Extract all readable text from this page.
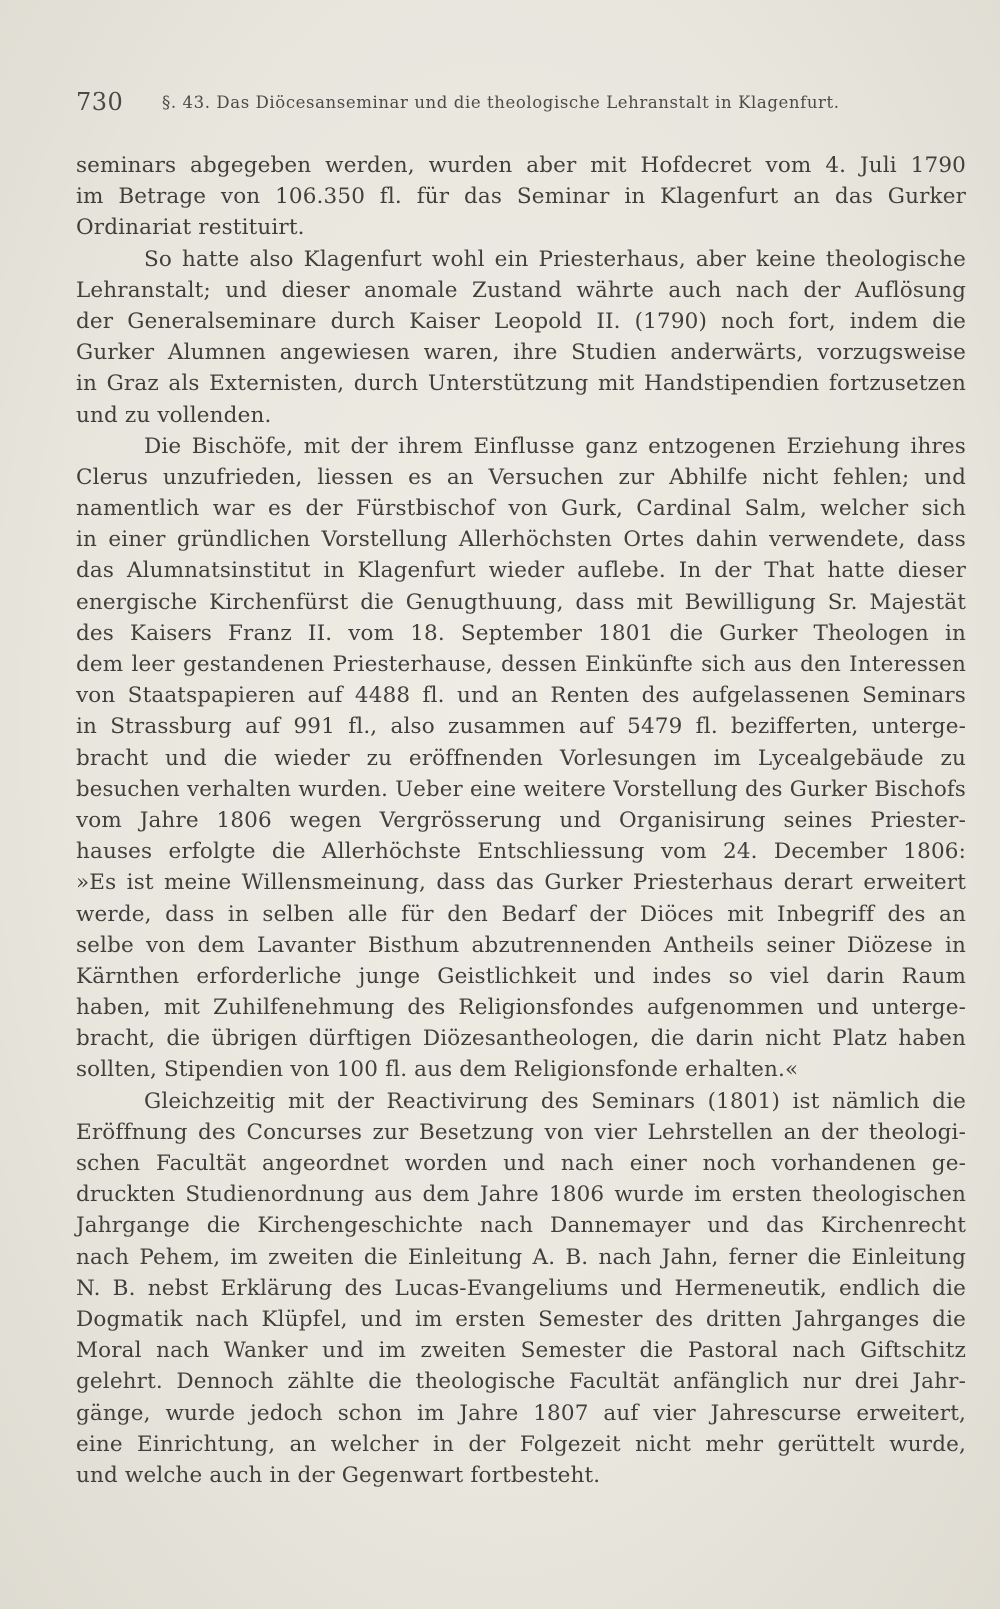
730 §. 43. Das Diöcesanseminar und die theologische Lehranstalt in Klagenfurt.
seminars abgegeben werden, wurden aber mit Hofdecret vom 4. Juli 1790
im Betrage von 106.350 fl. für das Seminar in Klagenfurt an das Gurker
Ordinariat restituirt.
So hatte also Klagenfurt wohl ein Priesterhaus, aber keine theologische
Lehranstalt; und dieser anomale Zustand währte auch nach der Auflösung
der Generalseminare durch Kaiser Leopold II. (1790) noch fort, indem die
Gurker Alumnen angewiesen waren, ihre Studien anderwärts, vorzugsweise
in Graz als Externisten, durch Unterstützung mit Handstipendien fortzusetzen
und zu vollenden.
Die Bischöfe, mit der ihrem Einflusse ganz entzogenen Erziehung ihres
Clerus unzufrieden, liessen es an Versuchen zur Abhilfe nicht fehlen; und
namentlich war es der Fürstbischof von Gurk, Cardinal Salm, welcher sich
in einer gründlichen Vorstellung Allerhöchsten Ortes dahin verwendete, dass
das Alumnatsinstitut in Klagenfurt wieder auflebe. In der That hatte dieser
energische Kirchenfürst die Genugthuung, dass mit Bewilligung Sr. Majestät
des Kaisers Franz II. vom 18. September 1801 die Gurker Theologen in
dem leer gestandenen Priesterhause, dessen Einkünfte sich aus den Interessen
von Staatspapieren auf 4488 fl. und an Renten des aufgelassenen Seminars
in Strassburg auf 991 fl., also zusammen auf 5479 fl. bezifferten, unterge-
bracht und die wieder zu eröffnenden Vorlesungen im Lycealgebäude zu
besuchen verhalten wurden. Ueber eine weitere Vorstellung des Gurker Bischofs
vom Jahre 1806 wegen Vergrösserung und Organisirung seines Priester-
hauses erfolgte die Allerhöchste Entschliessung vom 24. December 1806:
»Es ist meine Willensmeinung, dass das Gurker Priesterhaus derart erweitert
werde, dass in selben alle für den Bedarf der Diöces mit Inbegriff des an
selbe von dem Lavanter Bisthum abzutrennenden Antheils seiner Diözese in
Kärnthen erforderliche junge Geistlichkeit und indes so viel darin Raum
haben, mit Zuhilfenehmung des Religionsfondes aufgenommen und unterge-
bracht, die übrigen dürftigen Diözesantheologen, die darin nicht Platz haben
sollten, Stipendien von 100 fl. aus dem Religionsfonde erhalten.«
Gleichzeitig mit der Reactivirung des Seminars (1801) ist nämlich die
Eröffnung des Concurses zur Besetzung von vier Lehrstellen an der theologi-
schen Facultät angeordnet worden und nach einer noch vorhandenen ge-
druckten Studienordnung aus dem Jahre 1806 wurde im ersten theologischen
Jahrgange die Kirchengeschichte nach Dannemayer und das Kirchenrecht
nach Pehem, im zweiten die Einleitung A. B. nach Jahn, ferner die Einleitung
N. B. nebst Erklärung des Lucas-Evangeliums und Hermeneutik, endlich die
Dogmatik nach Klüpfel, und im ersten Semester des dritten Jahrganges die
Moral nach Wanker und im zweiten Semester die Pastoral nach Giftschitz
gelehrt. Dennoch zählte die theologische Facultät anfänglich nur drei Jahr-
gänge, wurde jedoch schon im Jahre 1807 auf vier Jahrescurse erweitert,
eine Einrichtung, an welcher in der Folgezeit nicht mehr gerüttelt wurde,
und welche auch in der Gegenwart fortbesteht.
